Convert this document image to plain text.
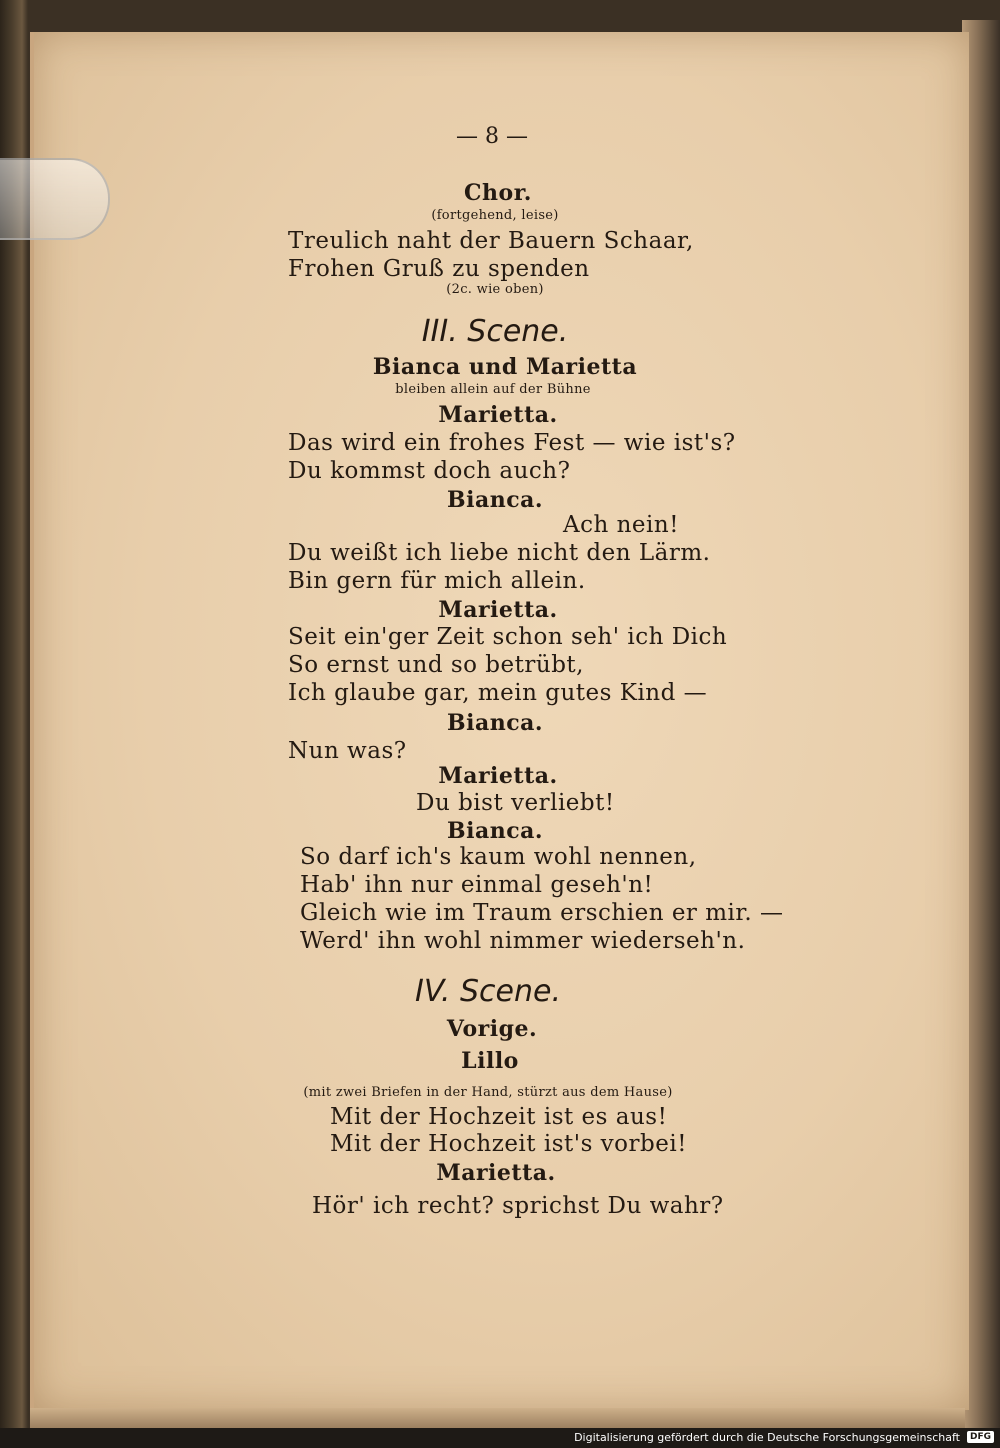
— 8 —
Chor.
(fortgehend, leise)
Treulich naht der Bauern Schaar,
Frohen Gruß zu spenden
(2c. wie oben)
III. Scene.
Bianca und Marietta
bleiben allein auf der Bühne
Marietta.
Das wird ein frohes Fest — wie ist's?
Du kommst doch auch?
Bianca.
Ach nein!
Du weißt ich liebe nicht den Lärm.
Bin gern für mich allein.
Marietta.
Seit ein'ger Zeit schon seh' ich Dich
So ernst und so betrübt,
Ich glaube gar, mein gutes Kind —
Bianca.
Nun was?
Marietta.
Du bist verliebt!
Bianca.
So darf ich's kaum wohl nennen,
Hab' ihn nur einmal geseh'n!
Gleich wie im Traum erschien er mir. —
Werd' ihn wohl nimmer wiederseh'n.
IV. Scene.
Vorige.
Lillo
(mit zwei Briefen in der Hand, stürzt aus dem Hause)
Mit der Hochzeit ist es aus!
Mit der Hochzeit ist's vorbei!
Marietta.
Hör' ich recht? sprichst Du wahr?
Digitalisierung gefördert durch die Deutsche Forschungsgemeinschaft	DFG
